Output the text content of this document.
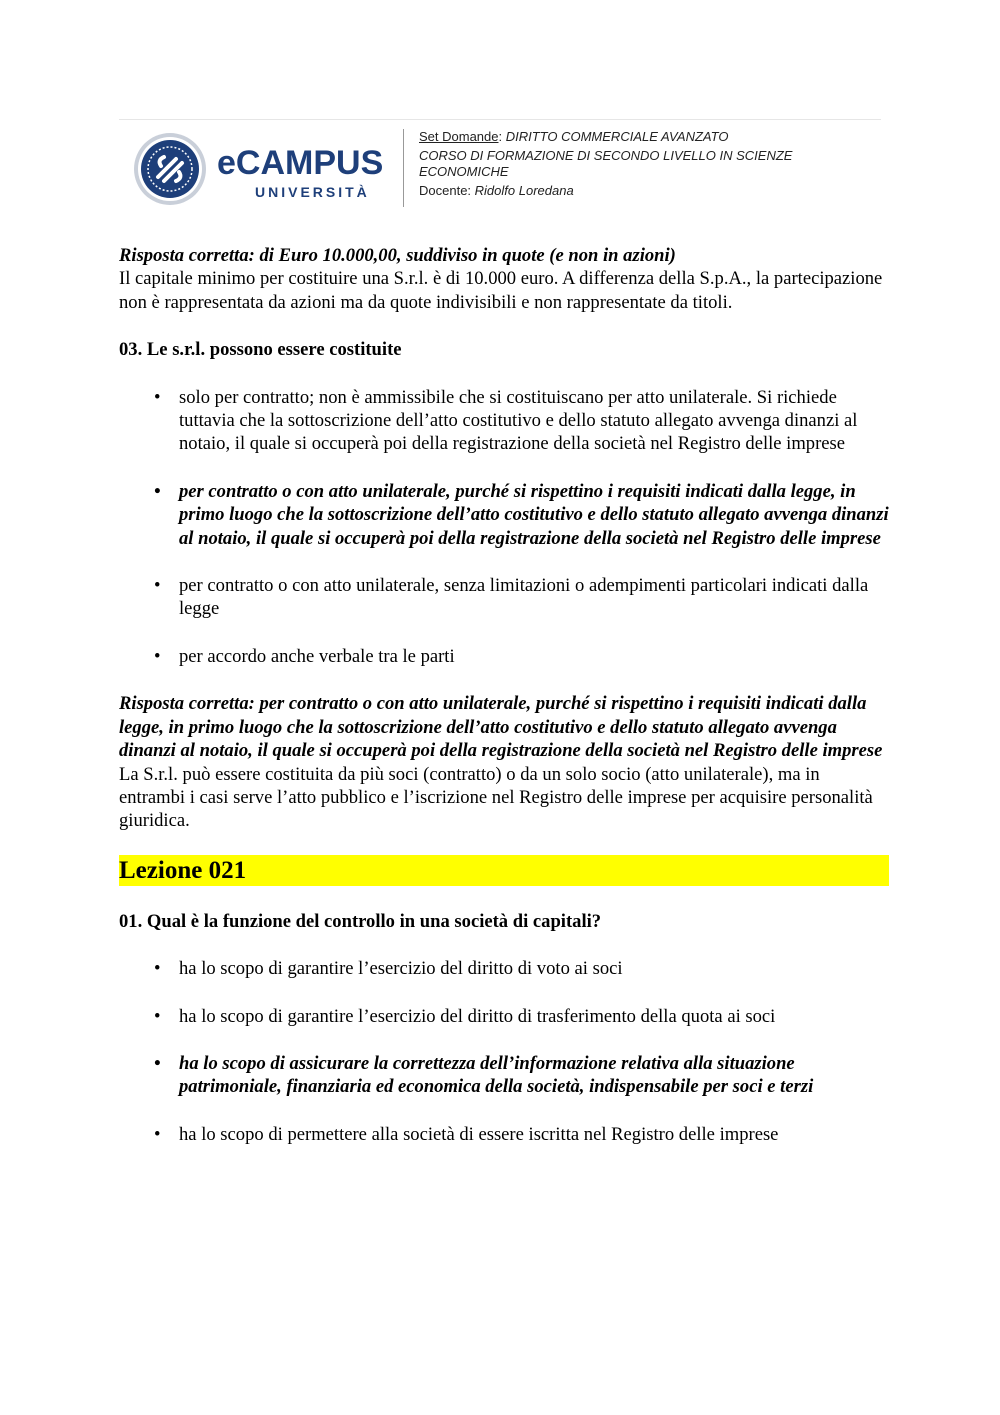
eCAMPUS
UNIVERSITÀ
Set Domande: DIRITTO COMMERCIALE AVANZATO
CORSO DI FORMAZIONE DI SECONDO LIVELLO IN SCIENZE
ECONOMICHE
Docente: Ridolfo Loredana

Risposta corretta: di Euro 10.000,00, suddiviso in quote (e non in azioni)

Il capitale minimo per costituire una S.r.l. è di 10.000 euro. A differenza della S.p.A., la partecipazione non è rappresentata da azioni ma da quote indivisibili e non rappresentate da titoli.

03. Le s.r.l. possono essere costituite

• solo per contratto; non è ammissibile che si costituiscano per atto unilaterale. Si richiede tuttavia che la sottoscrizione dell’atto costitutivo e dello statuto allegato avvenga dinanzi al notaio, il quale si occuperà poi della registrazione della società nel Registro delle imprese
• per contratto o con atto unilaterale, purché si rispettino i requisiti indicati dalla legge, in primo luogo che la sottoscrizione dell’atto costitutivo e dello statuto allegato avvenga dinanzi al notaio, il quale si occuperà poi della registrazione della società nel Registro delle imprese
• per contratto o con atto unilaterale, senza limitazioni o adempimenti particolari indicati dalla legge
• per accordo anche verbale tra le parti

Risposta corretta: per contratto o con atto unilaterale, purché si rispettino i requisiti indicati dalla legge, in primo luogo che la sottoscrizione dell’atto costitutivo e dello statuto allegato avvenga dinanzi al notaio, il quale si occuperà poi della registrazione della società nel Registro delle imprese

La S.r.l. può essere costituita da più soci (contratto) o da un solo socio (atto unilaterale), ma in entrambi i casi serve l’atto pubblico e l’iscrizione nel Registro delle imprese per acquisire personalità giuridica.

Lezione 021

01. Qual è la funzione del controllo in una società di capitali?

• ha lo scopo di garantire l’esercizio del diritto di voto ai soci
• ha lo scopo di garantire l’esercizio del diritto di trasferimento della quota ai soci
• ha lo scopo di assicurare la correttezza dell’informazione relativa alla situazione patrimoniale, finanziaria ed economica della società, indispensabile per soci e terzi
• ha lo scopo di permettere alla società di essere iscritta nel Registro delle imprese
